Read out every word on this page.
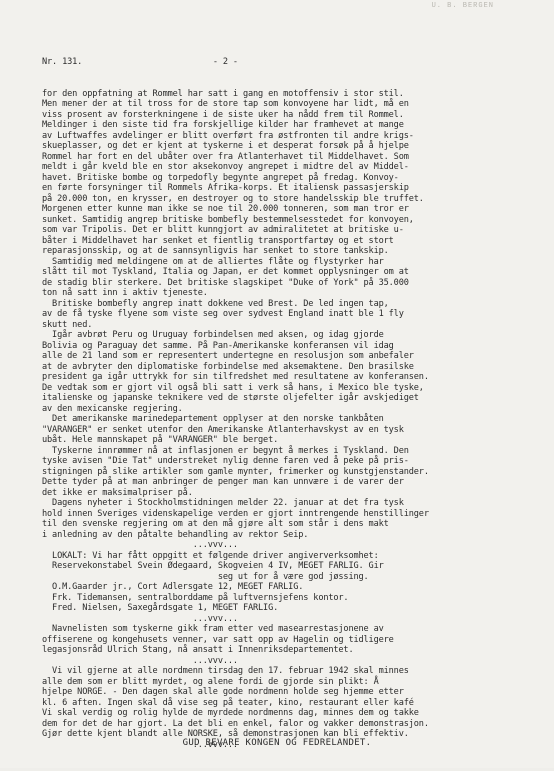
U. B. BERGEN

Nr. 131.	- 2 -

for den oppfatning at Rommel har satt i gang en motoffensiv i stor stil.
Men mener der at til tross for de store tap som konvoyene har lidt, må en
viss prosent av forsterkningene i de siste uker ha nådd frem til Rommel.
Meldinger i den siste tid fra forskjellige kilder har framhevet at mange
av Luftwaffes avdelinger er blitt overført fra østfronten til andre krigs-
skueplasser, og det er kjent at tyskerne i et desperat forsøk på å hjelpe
Rommel har fort en del ubåter over fra Atlanterhavet til Middelhavet. Som
meldt i går kveld ble en stor aksekonvoy angrepet i midtre del av Middel-
havet. Britiske bombe og torpedofly begynte angrepet på fredag. Konvoy-
en førte forsyninger til Rommels Afrika-korps. Et italiensk passasjerskip
på 20.000 ton, en krysser, en destroyer og to store handelsskip ble truffet.
Morgenen etter kunne man ikke se noe til 20.000 tonneren, som man tror er
sunket. Samtidig angrep britiske bombefly bestemmelsesstedet for konvoyen,
som var Tripolis. Det er blitt kunngjort av admiralitetet at britiske u-
båter i Middelhavet har senket et fientlig transportfartøy og et stort
reparasjonsskip, og at de sannsynligvis har senket to store tankskip.
Samtidig med meldingene om at de alliertes flåte og flystyrker har
slått til mot Tyskland, Italia og Japan, er det kommet opplysninger om at
de stadig blir sterkere. Det britiske slagskipet "Duke of York" på 35.000
ton nå satt inn i aktiv tjeneste.
Britiske bombefly angrep inatt dokkene ved Brest. De led ingen tap,
av de få tyske flyene som viste seg over sydvest England inatt ble 1 fly
skutt ned.
Igår avbrøt Peru og Uruguay forbindelsen med aksen, og idag gjorde
Bolivia og Paraguay det samme. På Pan-Amerikanske konferansen vil idag
alle de 21 land som er representert undertegne en resolusjon som anbefaler
at de avbryter den diplomatiske forbindelse med aksemaktene. Den brasilske
president ga igår uttrykk for sin tilfredshet med resultatene av konferansen.
De vedtak som er gjort vil også bli satt i verk så hans, i Mexico ble tyske,
italienske og japanske teknikere ved de største oljefelter igår avskjediget
av den mexicanske regjering.
Det amerikanske marinedepartement opplyser at den norske tankbåten
"VARANGER" er senket utenfor den Amerikanske Atlanterhavskyst av en tysk
ubåt. Hele mannskapet på "VARANGER" ble berget.
Tyskerne innrømmer nå at inflasjonen er begynt å merkes i Tyskland. Den
tyske avisen "Die Tat" understreket nylig denne faren ved å peke på pris-
stigningen på slike artikler som gamle mynter, frimerker og kunstgjenstander.
Dette tyder på at man anbringer de penger man kan unnvære i de varer der
det ikke er maksimalpriser på.
Dagens nyheter i Stockholmstidningen melder 22. januar at det fra tysk
hold innen Sveriges videnskapelige verden er gjort inntrengende henstillinger
til den svenske regjering om at den må gjøre alt som står i dens makt
i anledning av den påtalte behandling av rektor Seip.
...vvv...
LOKALT: Vi har fått oppgitt et følgende driver angiververksomhet:
Reservekonstabel Svein Ødegaard, Skogveien 4 IV, MEGET FARLIG. Gir
seg ut for å være god jøssing.
O.M.Gaarder jr., Cort Adlersgate 12, MEGET FARLIG.
Frk. Tidemansen, sentralborddame på luftvernsjefens kontor.
Fred. Nielsen, Saxegårdsgate 1, MEGET FARLIG.
...vvv...
Navnelisten som tyskerne gikk fram etter ved masearrestasjonene av
offiserene og kongehusets venner, var satt opp av Hagelin og tidligere
legasjonsråd Ulrich Stang, nå ansatt i Innenriksdepartementet.
...vvv...
Vi vil gjerne at alle nordmenn tirsdag den 17. februar 1942 skal minnes
alle dem som er blitt myrdet, og alene fordi de gjorde sin plikt: Å
hjelpe NORGE. - Den dagen skal alle gode nordmenn holde seg hjemme etter
kl. 6 aften. Ingen skal då vise seg på teater, kino, restaurant eller kafé
Vi skal verdig og rolig hylde de myrdede nordmenns dag, minnes dem og takke
dem for det de har gjort. La det bli en enkel, falor og vakker demonstrasjon.
Gjør dette kjent blandt alle NORSKE, så demonstrasjonen kan bli effektiv.
...vvv...

GUD BEVARE KONGEN OG FEDRELANDET.
